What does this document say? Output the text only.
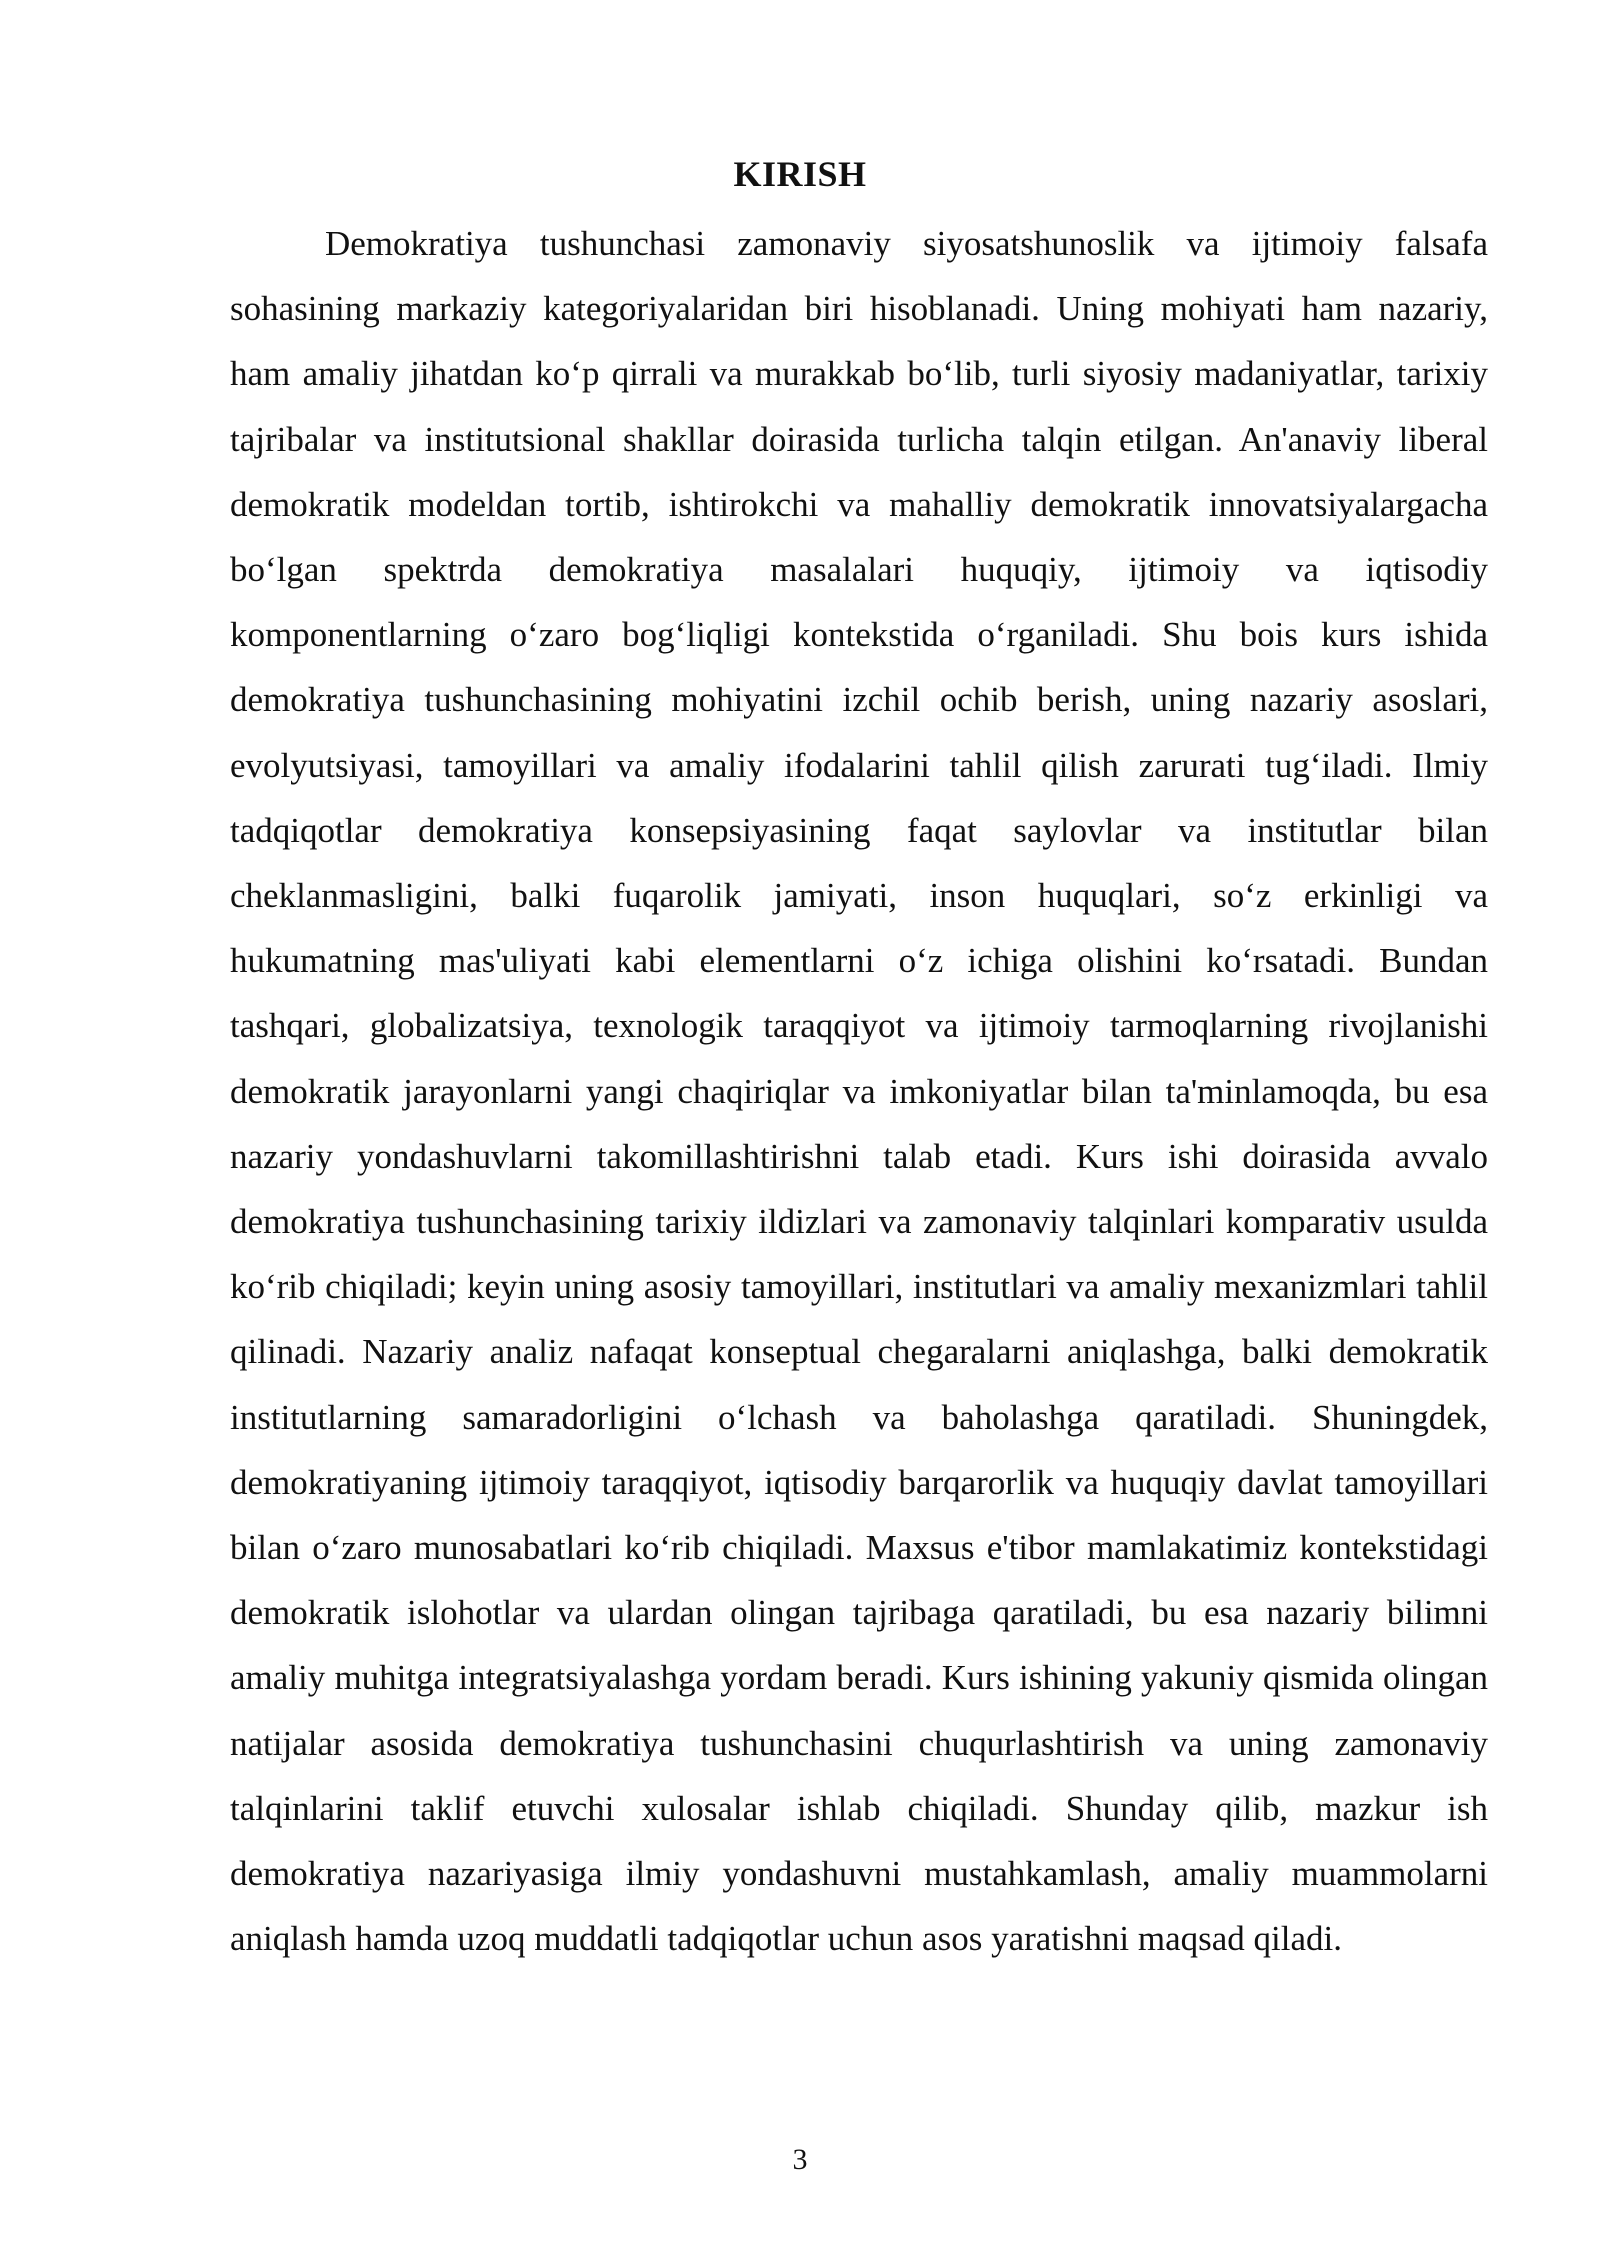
KIRISH

Demokratiya tushunchasi zamonaviy siyosatshunoslik va ijtimoiy falsafa sohasining markaziy kategoriyalaridan biri hisoblanadi. Uning mohiyati ham nazariy, ham amaliy jihatdan ko‘p qirrali va murakkab bo‘lib, turli siyosiy madaniyatlar, tarixiy tajribalar va institutsional shakllar doirasida turlicha talqin etilgan. An'anaviy liberal demokratik modeldan tortib, ishtirokchi va mahalliy demokratik innovatsiyalargacha bo‘lgan spektrda demokratiya masalalari huquqiy, ijtimoiy va iqtisodiy komponentlarning o‘zaro bog‘liqligi kontekstida o‘rganiladi. Shu bois kurs ishida demokratiya tushunchasining mohiyatini izchil ochib berish, uning nazariy asoslari, evolyutsiyasi, tamoyillari va amaliy ifodalarini tahlil qilish zarurati tug‘iladi. Ilmiy tadqiqotlar demokratiya konsepsiyasining faqat saylovlar va institutlar bilan cheklanmasligini, balki fuqarolik jamiyati, inson huquqlari, so‘z erkinligi va hukumatning mas'uliyati kabi elementlarni o‘z ichiga olishini ko‘rsatadi. Bundan tashqari, globalizatsiya, texnologik taraqqiyot va ijtimoiy tarmoqlarning rivojlanishi demokratik jarayonlarni yangi chaqiriqlar va imkoniyatlar bilan ta'minlamoqda, bu esa nazariy yondashuvlarni takomillashtirishni talab etadi. Kurs ishi doirasida avvalo demokratiya tushunchasining tarixiy ildizlari va zamonaviy talqinlari komparativ usulda ko‘rib chiqiladi; keyin uning asosiy tamoyillari, institutlari va amaliy mexanizmlari tahlil qilinadi. Nazariy analiz nafaqat konseptual chegaralarni aniqlashga, balki demokratik institutlarning samaradorligini o‘lchash va baholashga qaratiladi. Shuningdek, demokratiyaning ijtimoiy taraqqiyot, iqtisodiy barqarorlik va huquqiy davlat tamoyillari bilan o‘zaro munosabatlari ko‘rib chiqiladi. Maxsus e'tibor mamlakatimiz kontekstidagi demokratik islohotlar va ulardan olingan tajribaga qaratiladi, bu esa nazariy bilimni amaliy muhitga integratsiyalashga yordam beradi. Kurs ishining yakuniy qismida olingan natijalar asosida demokratiya tushunchasini chuqurlashtirish va uning zamonaviy talqinlarini taklif etuvchi xulosalar ishlab chiqiladi. Shunday qilib, mazkur ish demokratiya nazariyasiga ilmiy yondashuvni mustahkamlash, amaliy muammolarni aniqlash hamda uzoq muddatli tadqiqotlar uchun asos yaratishni maqsad qiladi.

3
